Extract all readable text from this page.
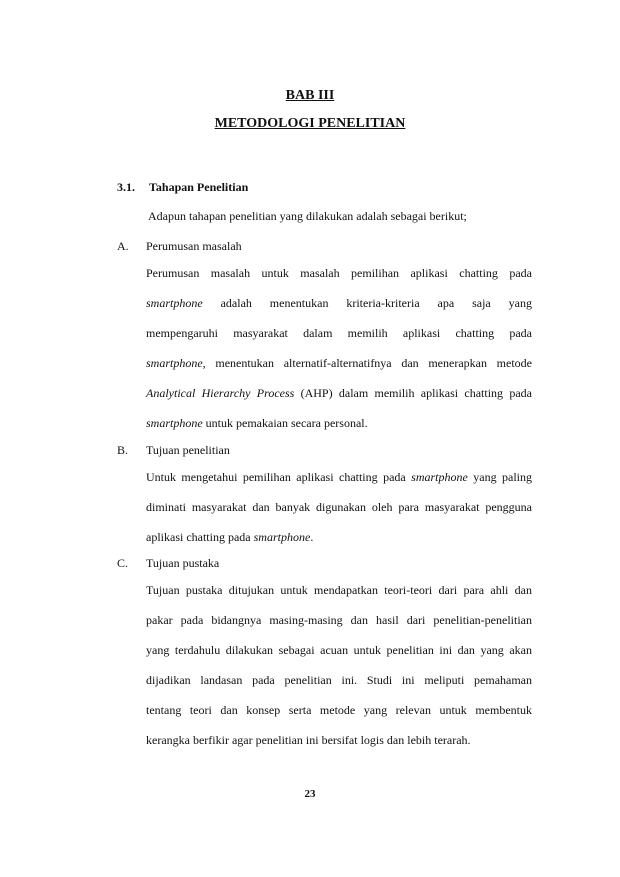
BAB III
METODOLOGI PENELITIAN
3.1. Tahapan Penelitian
Adapun tahapan penelitian yang dilakukan adalah sebagai berikut;
A. Perumusan masalah
Perumusan masalah untuk masalah pemilihan aplikasi chatting pada
smartphone adalah menentukan kriteria-kriteria apa saja yang
mempengaruhi masyarakat dalam memilih aplikasi chatting pada
smartphone, menentukan alternatif-alternatifnya dan menerapkan metode
Analytical Hierarchy Process (AHP) dalam memilih aplikasi chatting pada
smartphone untuk pemakaian secara personal.
B. Tujuan penelitian
Untuk mengetahui pemilihan aplikasi chatting pada smartphone yang paling
diminati masyarakat dan banyak digunakan oleh para masyarakat pengguna
aplikasi chatting pada smartphone.
C. Tujuan pustaka
Tujuan pustaka ditujukan untuk mendapatkan teori-teori dari para ahli dan
pakar pada bidangnya masing-masing dan hasil dari penelitian-penelitian
yang terdahulu dilakukan sebagai acuan untuk penelitian ini dan yang akan
dijadikan landasan pada penelitian ini. Studi ini meliputi pemahaman
tentang teori dan konsep serta metode yang relevan untuk membentuk
kerangka berfikir agar penelitian ini bersifat logis dan lebih terarah.
23
